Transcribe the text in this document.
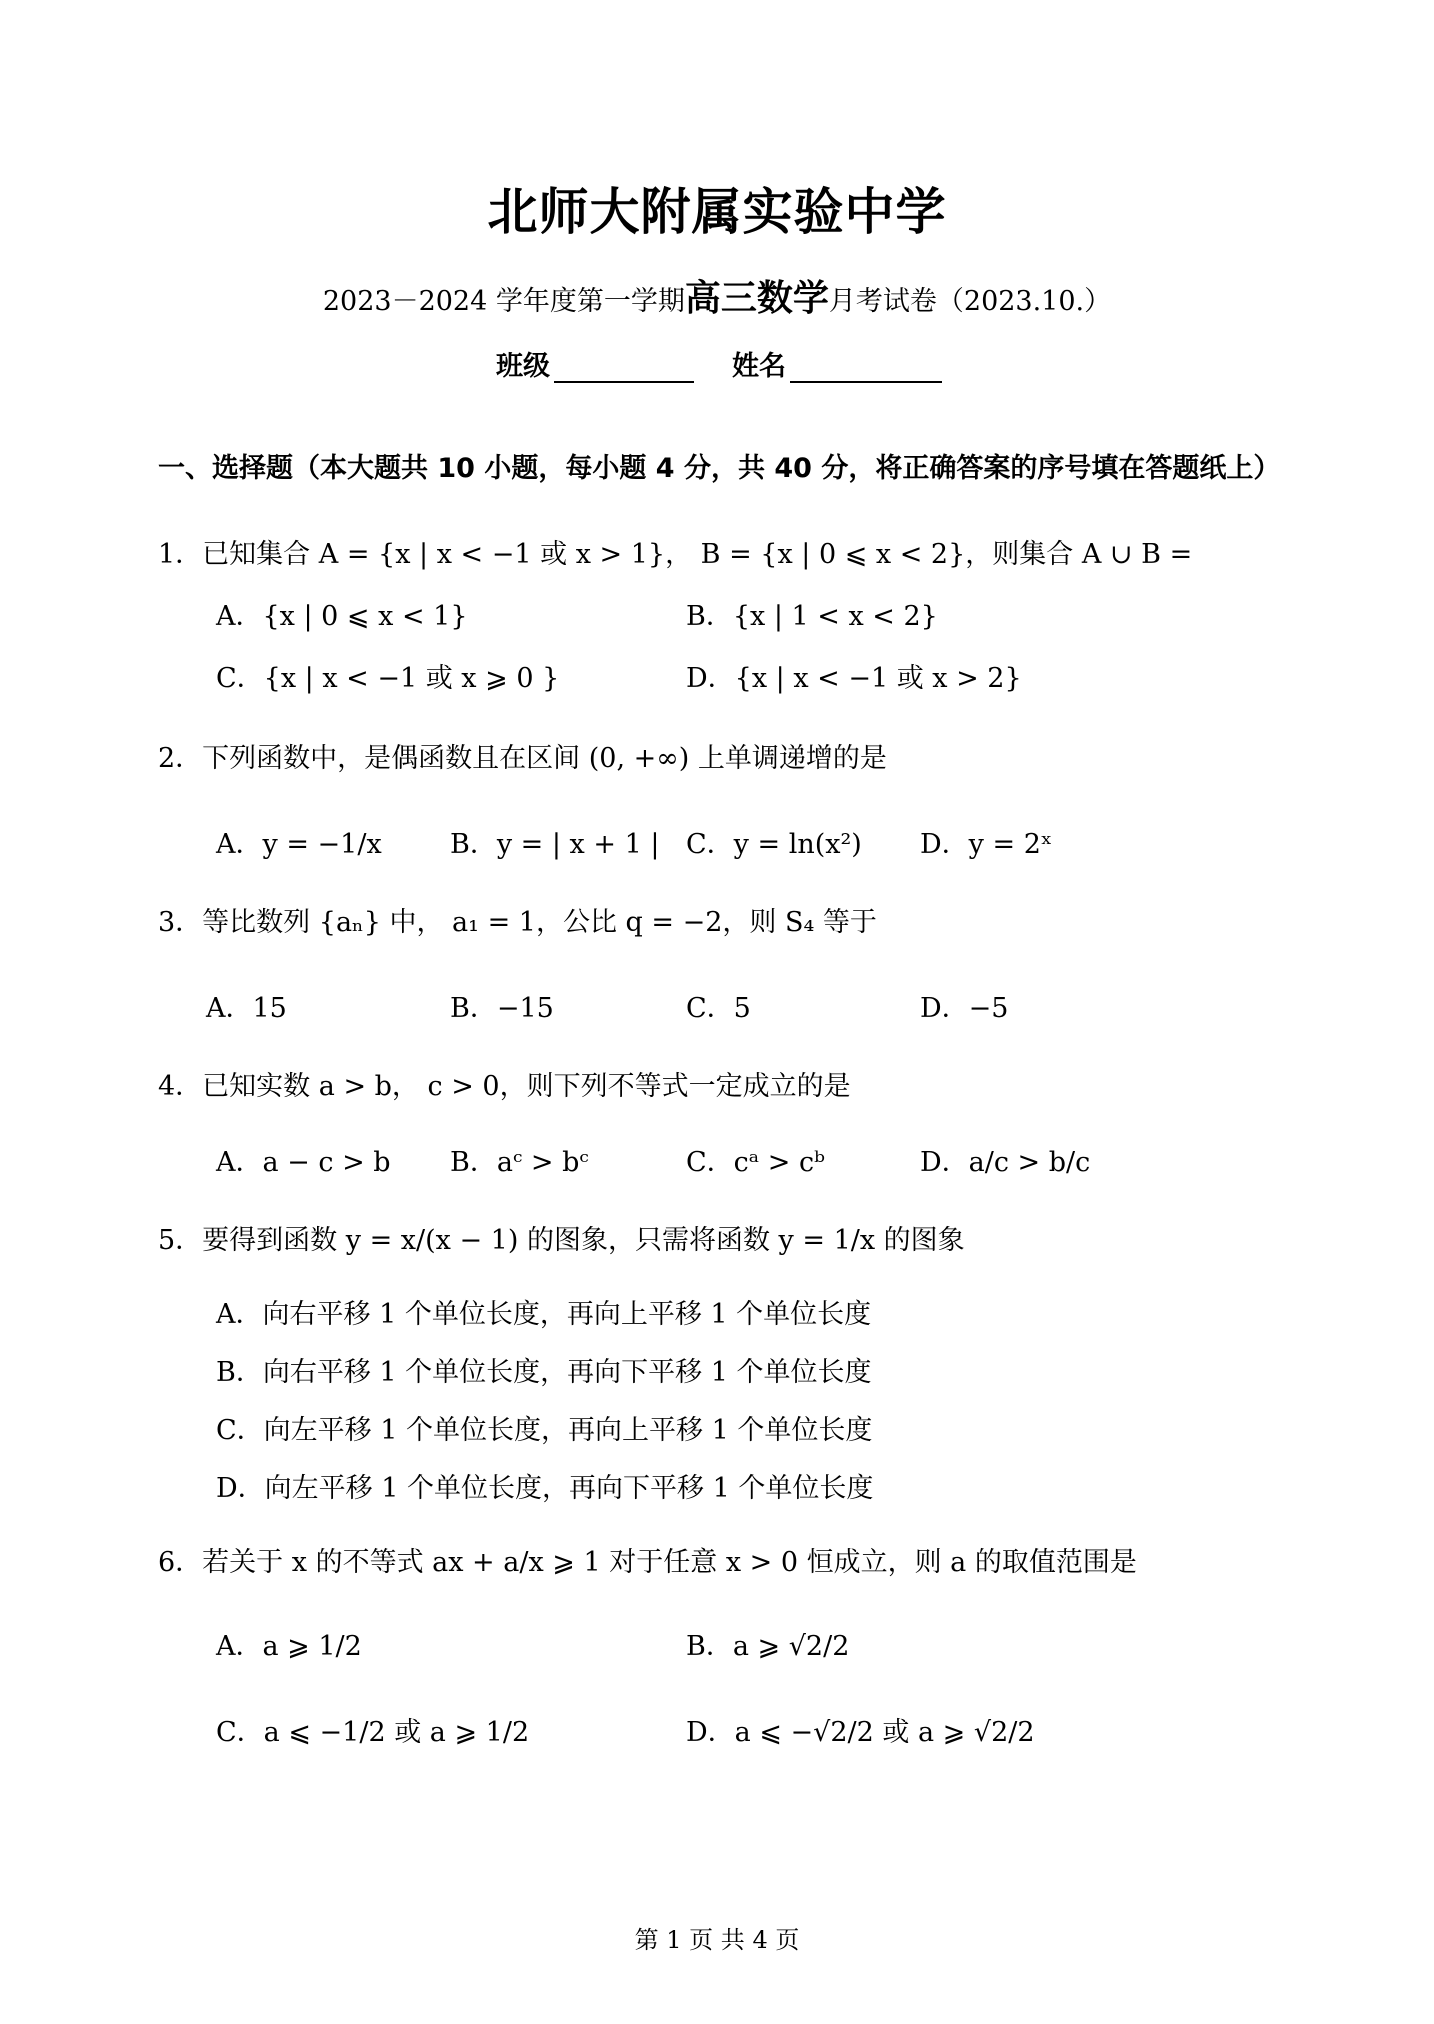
北师大附属实验中学
2023－2024 学年度第一学期高三数学月考试卷（2023.10.）
班级	姓名
一、选择题（本大题共 10 小题，每小题 4 分，共 40 分，将正确答案的序号填在答题纸上）
1．已知集合 A = {x | x < −1 或 x > 1}， B = {x | 0 ⩽ x < 2}，则集合 A ∪ B =
A．{x | 0 ⩽ x < 1}	B．{x | 1 < x < 2}
C．{x | x < −1 或 x ⩾ 0 }	D．{x | x < −1 或 x > 2}
2．下列函数中，是偶函数且在区间 (0, +∞) 上单调递增的是
A．y = −1/x	B．y = | x + 1 | C．y = ln(x²) D．y = 2ˣ
3．等比数列 {aₙ} 中， a₁ = 1，公比 q = −2，则 S₄ 等于
A．15	B．−15	C．5	D．−5
4．已知实数 a > b， c > 0，则下列不等式一定成立的是
A．a − c > b B．aᶜ > bᶜ	C．cᵃ > cᵇ	D．a/c > b/c
5．要得到函数 y = x/(x − 1) 的图象，只需将函数 y = 1/x 的图象
A．向右平移 1 个单位长度，再向上平移 1 个单位长度
B．向右平移 1 个单位长度，再向下平移 1 个单位长度
C．向左平移 1 个单位长度，再向上平移 1 个单位长度
D．向左平移 1 个单位长度，再向下平移 1 个单位长度
6．若关于 x 的不等式 ax + a/x ⩾ 1 对于任意 x > 0 恒成立，则 a 的取值范围是
A．a ⩾ 1/2	B．a ⩾ √2/2
C．a ⩽ −1/2 或 a ⩾ 1/2	D．a ⩽ −√2/2 或 a ⩾ √2/2
第 1 页 共 4 页
